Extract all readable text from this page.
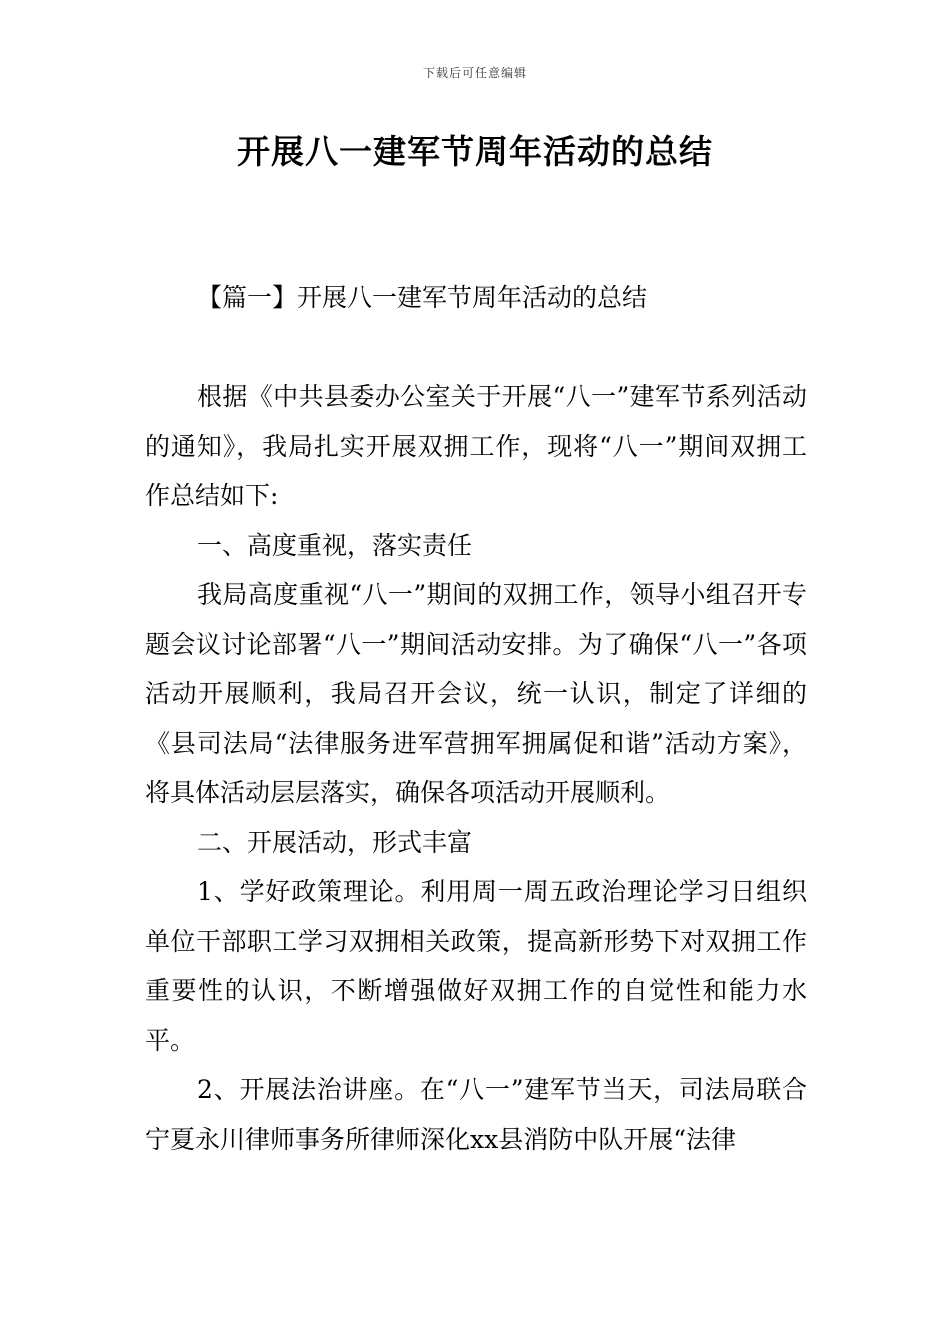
下载后可任意编辑
开展八一建军节周年活动的总结
【篇一】开展八一建军节周年活动的总结

根据《中共县委办公室关于开展“八一”建军节系列活动的通知》，我局扎实开展双拥工作，现将“八一”期间双拥工作总结如下:

一、高度重视，落实责任

我局高度重视“八一”期间的双拥工作，领导小组召开专题会议讨论部署“八一”期间活动安排。为了确保“八一”各项活动开展顺利，我局召开会议，统一认识，制定了详细的《县司法局“法律服务进军营拥军拥属促和谐”活动方案》，将具体活动层层落实，确保各项活动开展顺利。

二、开展活动，形式丰富

1、学好政策理论。利用周一周五政治理论学习日组织单位干部职工学习双拥相关政策，提高新形势下对双拥工作重要性的认识，不断增强做好双拥工作的自觉性和能力水平。

2、开展法治讲座。在“八一”建军节当天，司法局联合宁夏永川律师事务所律师深化xx县消防中队开展“法律
